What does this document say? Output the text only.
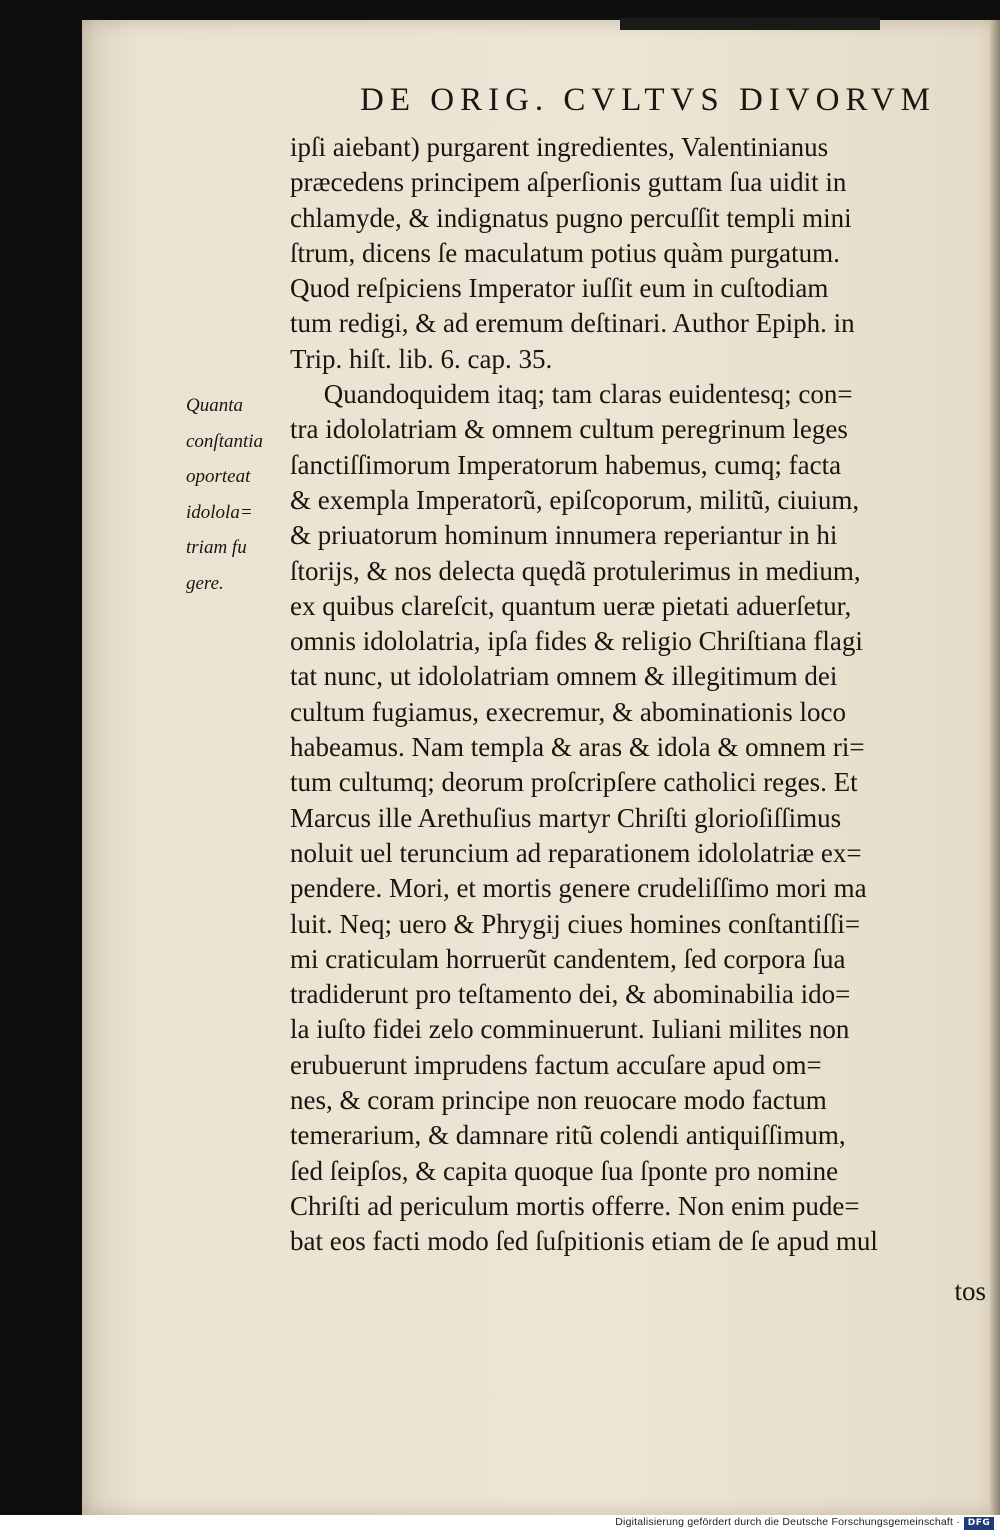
DE ORIG. CVLTVS DIVORVM
Quanta
conſtantia
oporteat
idolola=
triam fu
gere.
ipſi aiebant) purgarent ingredientes, Valentinianus
præcedens principem aſperſionis guttam ſua uidit in
chlamyde, & indignatus pugno percuſſit templi mini
ſtrum, dicens ſe maculatum potius quàm purgatum.
Quod reſpiciens Imperator iuſſit eum in cuſtodiam
tum redigi, & ad eremum deſtinari. Author Epiph. in
Trip. hiſt. lib. 6. cap. 35.
Quandoquidem itaq; tam claras euidentesq; con=
tra idololatriam & omnem cultum peregrinum leges
ſanctiſſimorum Imperatorum habemus, cumq; facta
& exempla Imperatorũ, epiſcoporum, militũ, ciuium,
& priuatorum hominum innumera reperiantur in hi
ſtorijs, & nos delecta quędã protulerimus in medium,
ex quibus clareſcit, quantum ueræ pietati aduerſetur,
omnis idololatria, ipſa fides & religio Chriſtiana flagi
tat nunc, ut idololatriam omnem & illegitimum dei
cultum fugiamus, execremur, & abominationis loco
habeamus. Nam templa & aras & idola & omnem ri=
tum cultumq; deorum proſcripſere catholici reges. Et
Marcus ille Arethuſius martyr Chriſti glorioſiſſimus
noluit uel teruncium ad reparationem idololatriæ ex=
pendere. Mori, et mortis genere crudeliſſimo mori ma
luit. Neq; uero & Phrygij ciues homines conſtantiſſi=
mi craticulam horruerũt candentem, ſed corpora ſua
tradiderunt pro teſtamento dei, & abominabilia ido=
la iuſto fidei zelo comminuerunt. Iuliani milites non
erubuerunt imprudens factum accuſare apud om=
nes, & coram principe non reuocare modo factum
temerarium, & damnare ritũ colendi antiquiſſimum,
ſed ſeipſos, & capita quoque ſua ſponte pro nomine
Chriſti ad periculum mortis offerre. Non enim pude=
bat eos facti modo ſed ſuſpitionis etiam de ſe apud mul
tos
Digitalisierung gefördert durch die Deutsche Forschungsgemeinschaft · DFG
